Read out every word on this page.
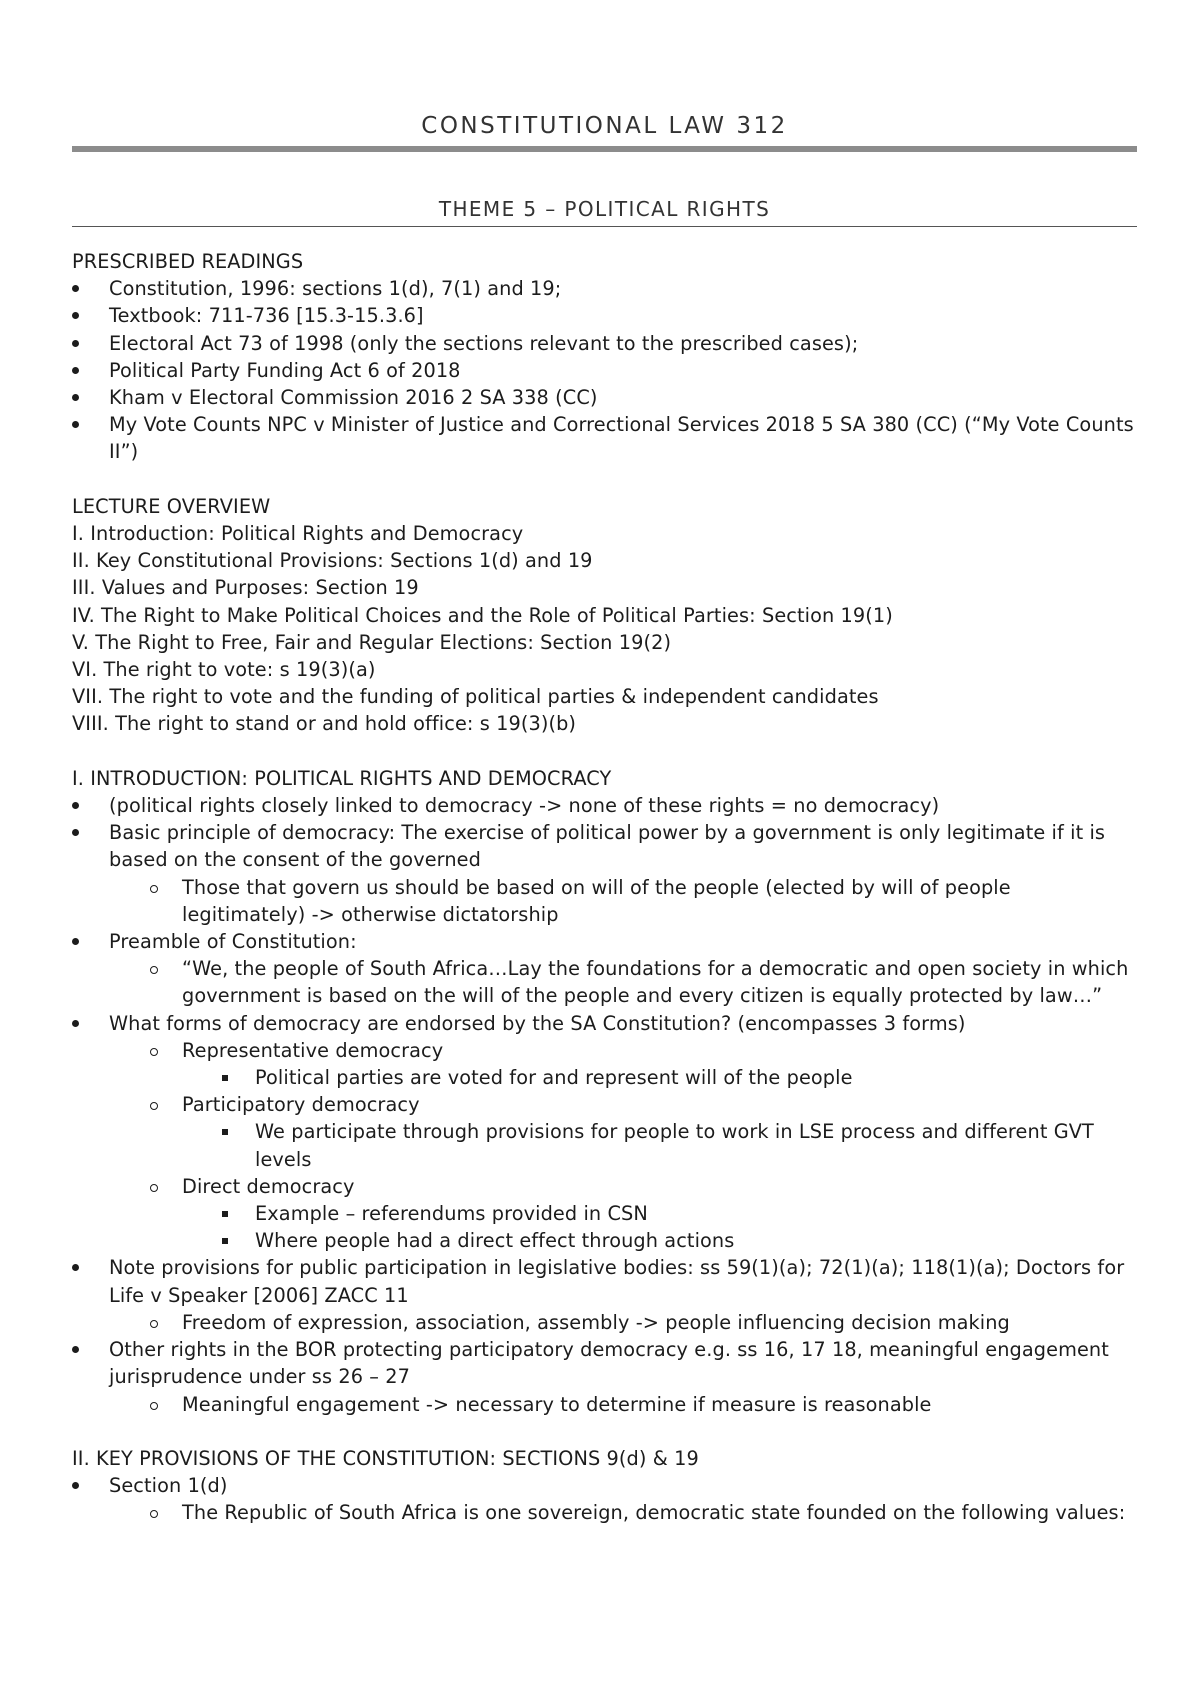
CONSTITUTIONAL LAW 312
THEME 5 – POLITICAL RIGHTS
PRESCRIBED READINGS
Constitution, 1996: sections 1(d), 7(1) and 19;
Textbook: 711-736 [15.3-15.3.6]
Electoral Act 73 of 1998 (only the sections relevant to the prescribed cases);
Political Party Funding Act 6 of 2018
Kham v Electoral Commission 2016 2 SA 338 (CC)
My Vote Counts NPC v Minister of Justice and Correctional Services 2018 5 SA 380 (CC) (“My Vote Counts II”)
LECTURE OVERVIEW
I. Introduction: Political Rights and Democracy
II. Key Constitutional Provisions: Sections 1(d) and 19
III. Values and Purposes: Section 19
IV. The Right to Make Political Choices and the Role of Political Parties: Section 19(1)
V. The Right to Free, Fair and Regular Elections: Section 19(2)
VI. The right to vote: s 19(3)(a)
VII. The right to vote and the funding of political parties & independent candidates
VIII. The right to stand or and hold office: s 19(3)(b)
I. INTRODUCTION: POLITICAL RIGHTS AND DEMOCRACY
(political rights closely linked to democracy -> none of these rights = no democracy)
Basic principle of democracy: The exercise of political power by a government is only legitimate if it is based on the consent of the governed
Those that govern us should be based on will of the people (elected by will of people legitimately) -> otherwise dictatorship
Preamble of Constitution:
“We, the people of South Africa…Lay the foundations for a democratic and open society in which government is based on the will of the people and every citizen is equally protected by law…”
What forms of democracy are endorsed by the SA Constitution? (encompasses 3 forms)
Representative democracy
Political parties are voted for and represent will of the people
Participatory democracy
We participate through provisions for people to work in LSE process and different GVT levels
Direct democracy
Example – referendums provided in CSN
Where people had a direct effect through actions
Note provisions for public participation in legislative bodies: ss 59(1)(a); 72(1)(a); 118(1)(a); Doctors for Life v Speaker [2006] ZACC 11
Freedom of expression, association, assembly -> people influencing decision making
Other rights in the BOR protecting participatory democracy e.g. ss 16, 17 18, meaningful engagement jurisprudence under ss 26 – 27
Meaningful engagement -> necessary to determine if measure is reasonable
II. KEY PROVISIONS OF THE CONSTITUTION: SECTIONS 9(d) & 19
Section 1(d)
The Republic of South Africa is one sovereign, democratic state founded on the following values:
